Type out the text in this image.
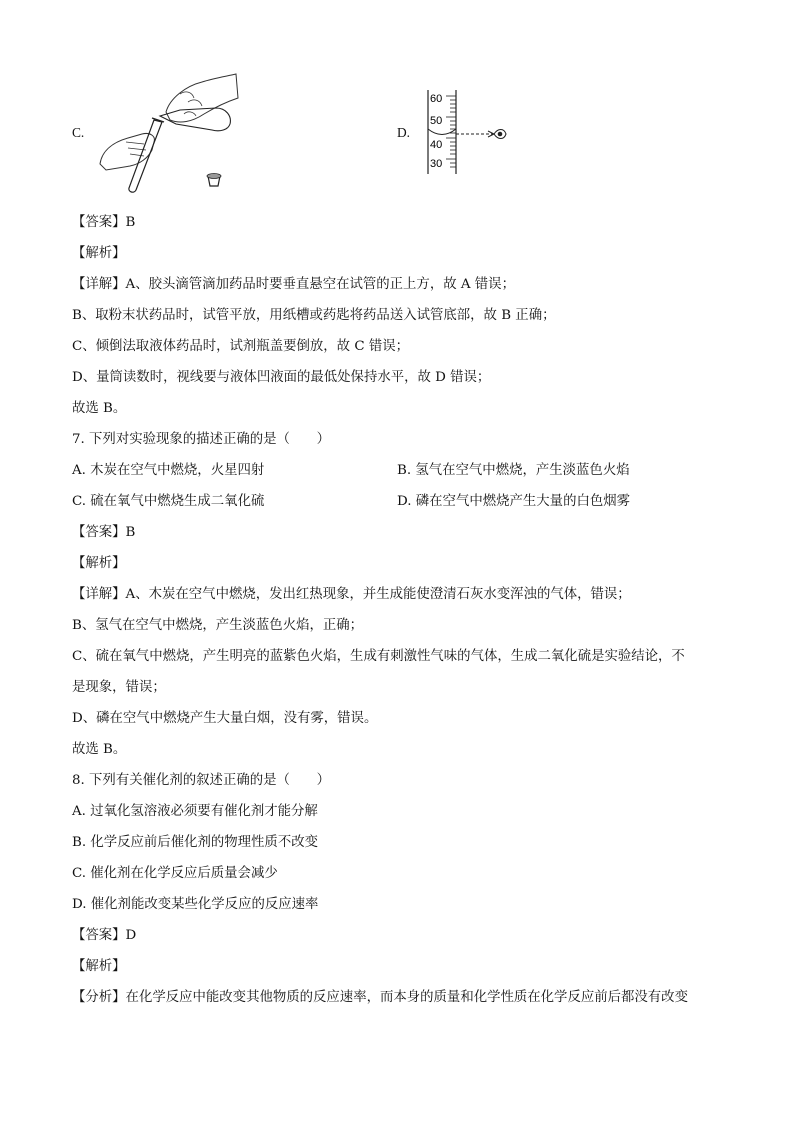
C.	D.
60
50
40
30
【答案】B
【解析】
【详解】A、胶头滴管滴加药品时要垂直悬空在试管的正上方，故 A 错误；
B、取粉末状药品时，试管平放，用纸槽或药匙将药品送入试管底部，故 B 正确；
C、倾倒法取液体药品时，试剂瓶盖要倒放，故 C 错误；
D、量筒读数时，视线要与液体凹液面的最低处保持水平，故 D 错误；
故选 B。
7. 下列对实验现象的描述正确的是（　　）
A. 木炭在空气中燃烧，火星四射	B. 氢气在空气中燃烧，产生淡蓝色火焰
C. 硫在氧气中燃烧生成二氧化硫	D. 磷在空气中燃烧产生大量的白色烟雾
【答案】B
【解析】
【详解】A、木炭在空气中燃烧，发出红热现象，并生成能使澄清石灰水变浑浊的气体，错误；
B、氢气在空气中燃烧，产生淡蓝色火焰，正确；
C、硫在氧气中燃烧，产生明亮的蓝紫色火焰，生成有刺激性气味的气体，生成二氧化硫是实验结论，不
是现象，错误；
D、磷在空气中燃烧产生大量白烟，没有雾，错误。
故选 B。
8. 下列有关催化剂的叙述正确的是（　　）
A. 过氧化氢溶液必须要有催化剂才能分解
B. 化学反应前后催化剂的物理性质不改变
C. 催化剂在化学反应后质量会减少
D. 催化剂能改变某些化学反应的反应速率
【答案】D
【解析】
【分析】在化学反应中能改变其他物质的反应速率，而本身的质量和化学性质在化学反应前后都没有改变
